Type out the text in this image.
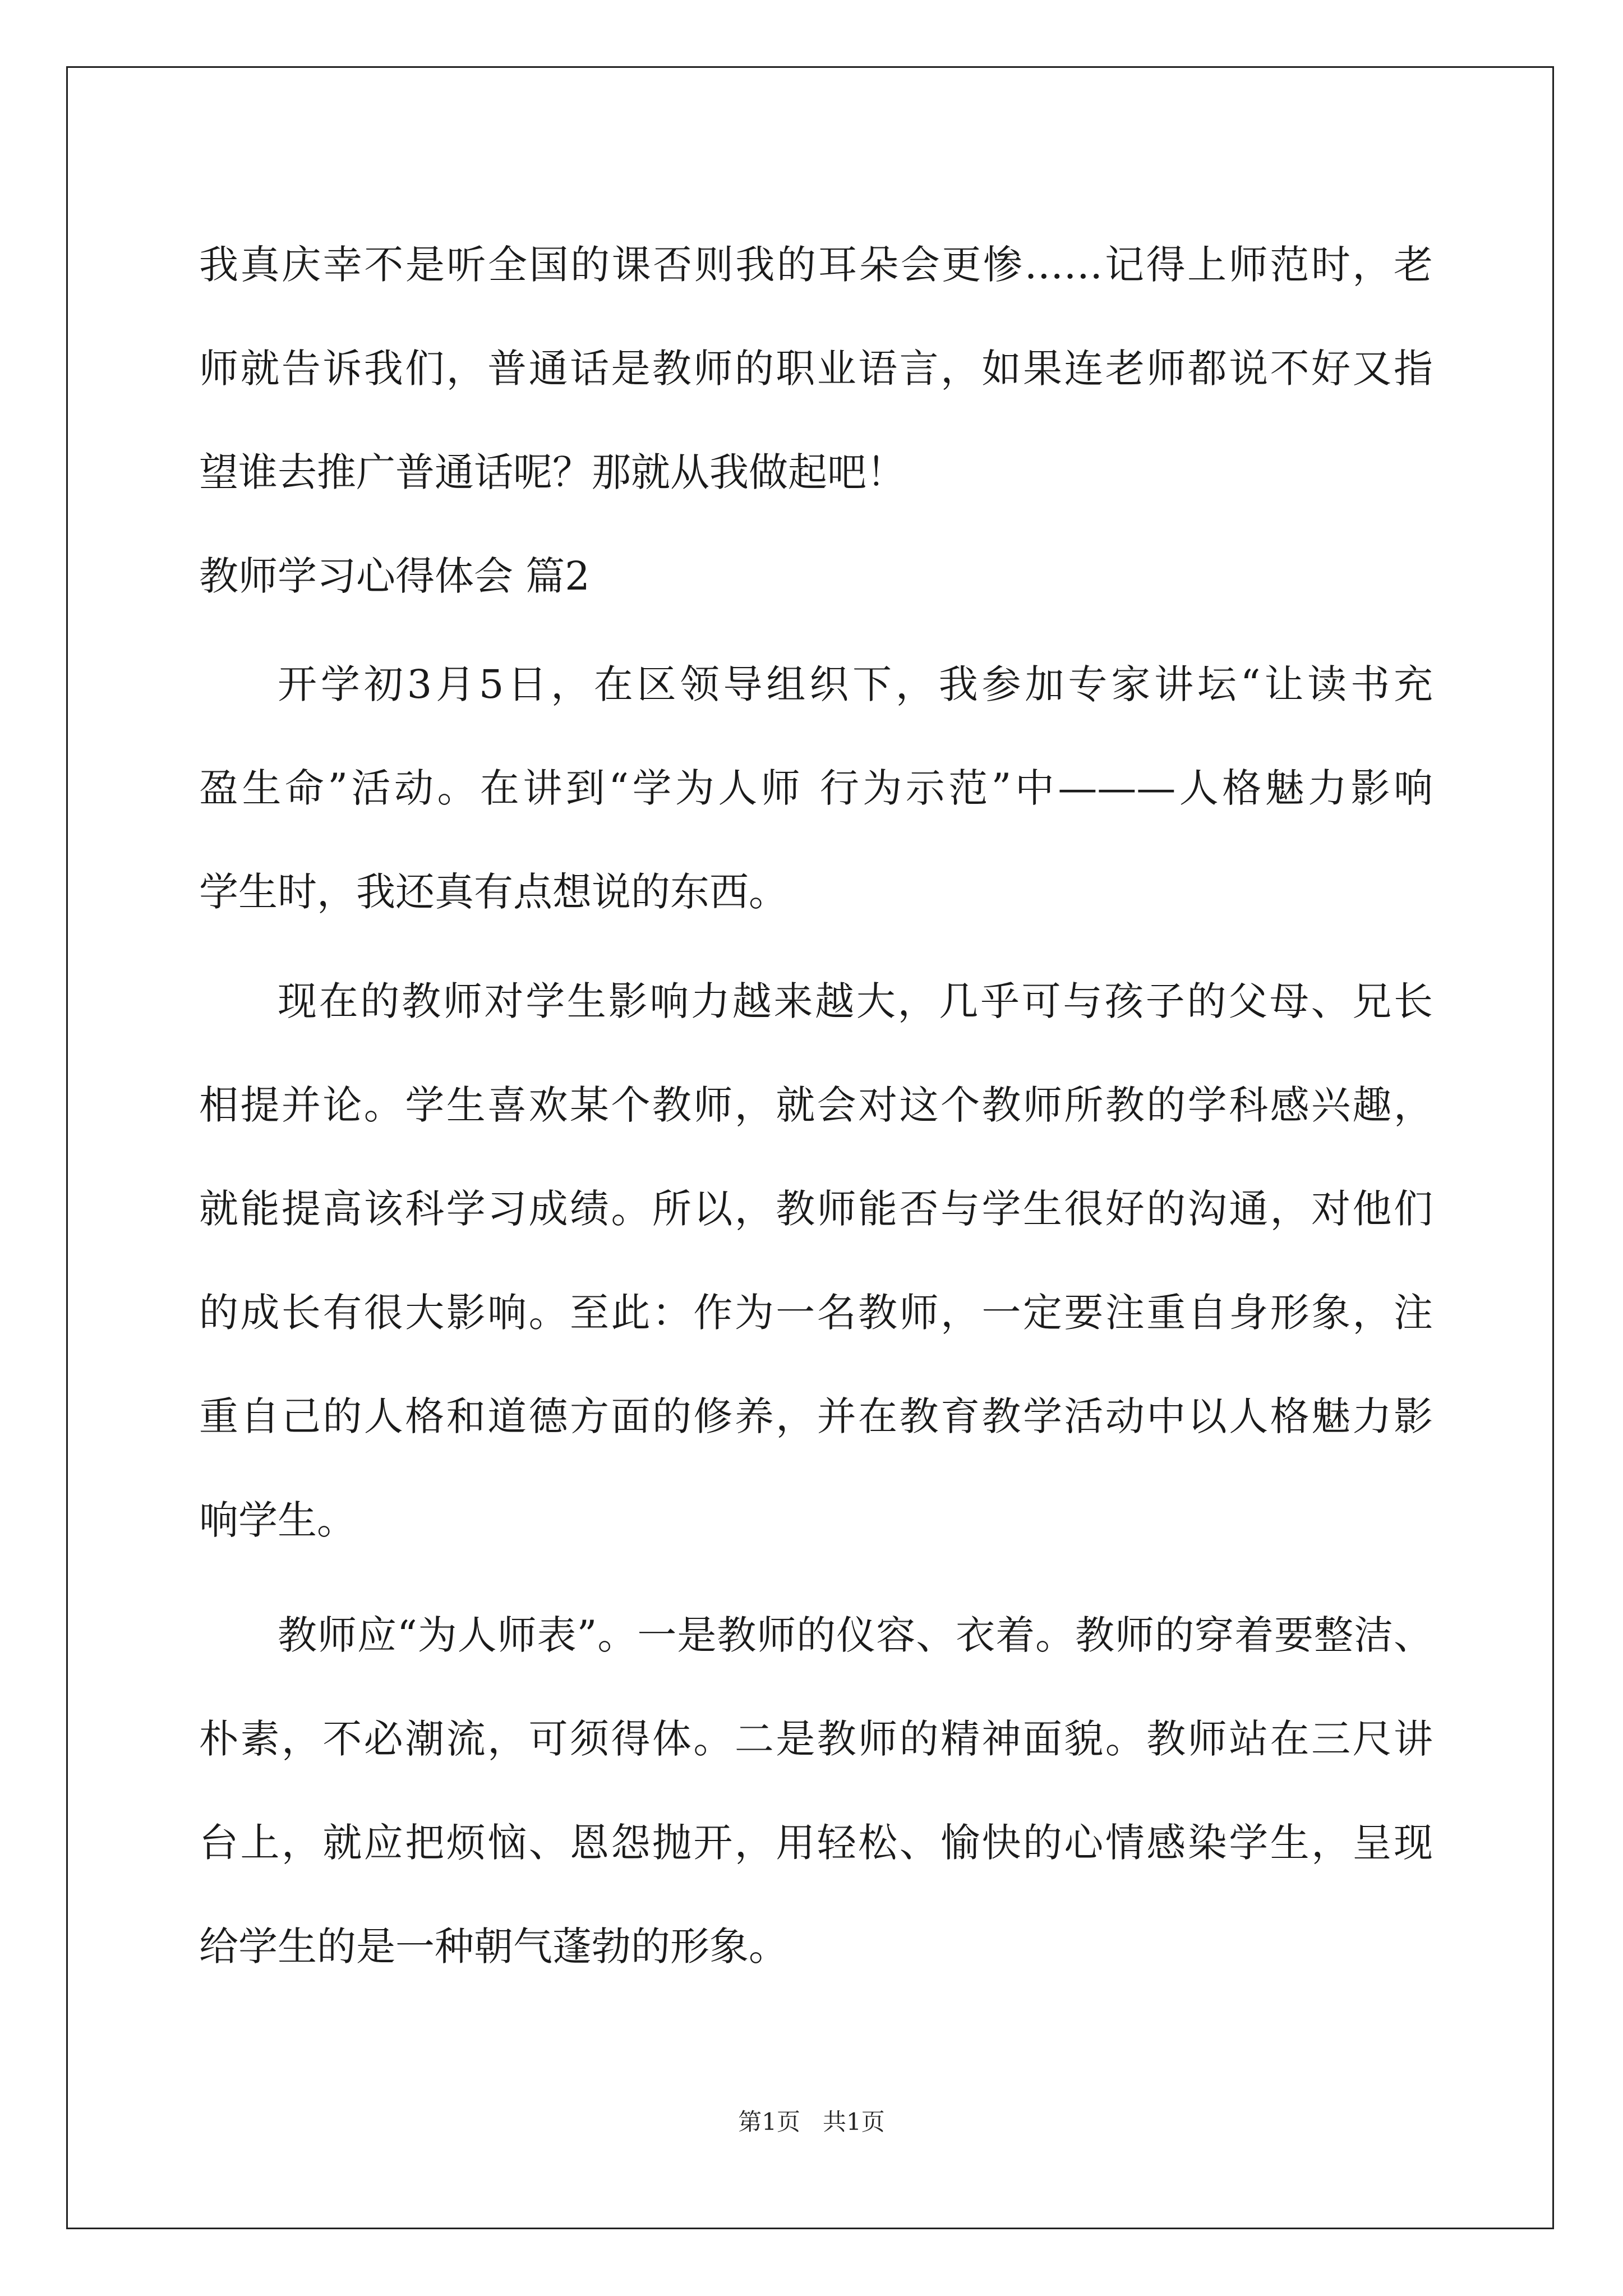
我真庆幸不是听全国的课否则我的耳朵会更惨……记得上师范时，老
师就告诉我们，普通话是教师的职业语言，如果连老师都说不好又指
望谁去推广普通话呢？那就从我做起吧！
教师学习心得体会 篇2
开学初3月5日，在区领导组织下，我参加专家讲坛“让读书充
盈生命”活动。在讲到“学为人师 行为示范”中———人格魅力影响
学生时，我还真有点想说的东西。
现在的教师对学生影响力越来越大，几乎可与孩子的父母、兄长
相提并论。学生喜欢某个教师，就会对这个教师所教的学科感兴趣，
就能提高该科学习成绩。所以，教师能否与学生很好的沟通，对他们
的成长有很大影响。至此：作为一名教师，一定要注重自身形象，注
重自己的人格和道德方面的修养，并在教育教学活动中以人格魅力影
响学生。
教师应“为人师表”。一是教师的仪容、衣着。教师的穿着要整洁、
朴素，不必潮流，可须得体。二是教师的精神面貌。教师站在三尺讲
台上，就应把烦恼、恩怨抛开，用轻松、愉快的心情感染学生，呈现
给学生的是一种朝气蓬勃的形象。
第1页   共1页
